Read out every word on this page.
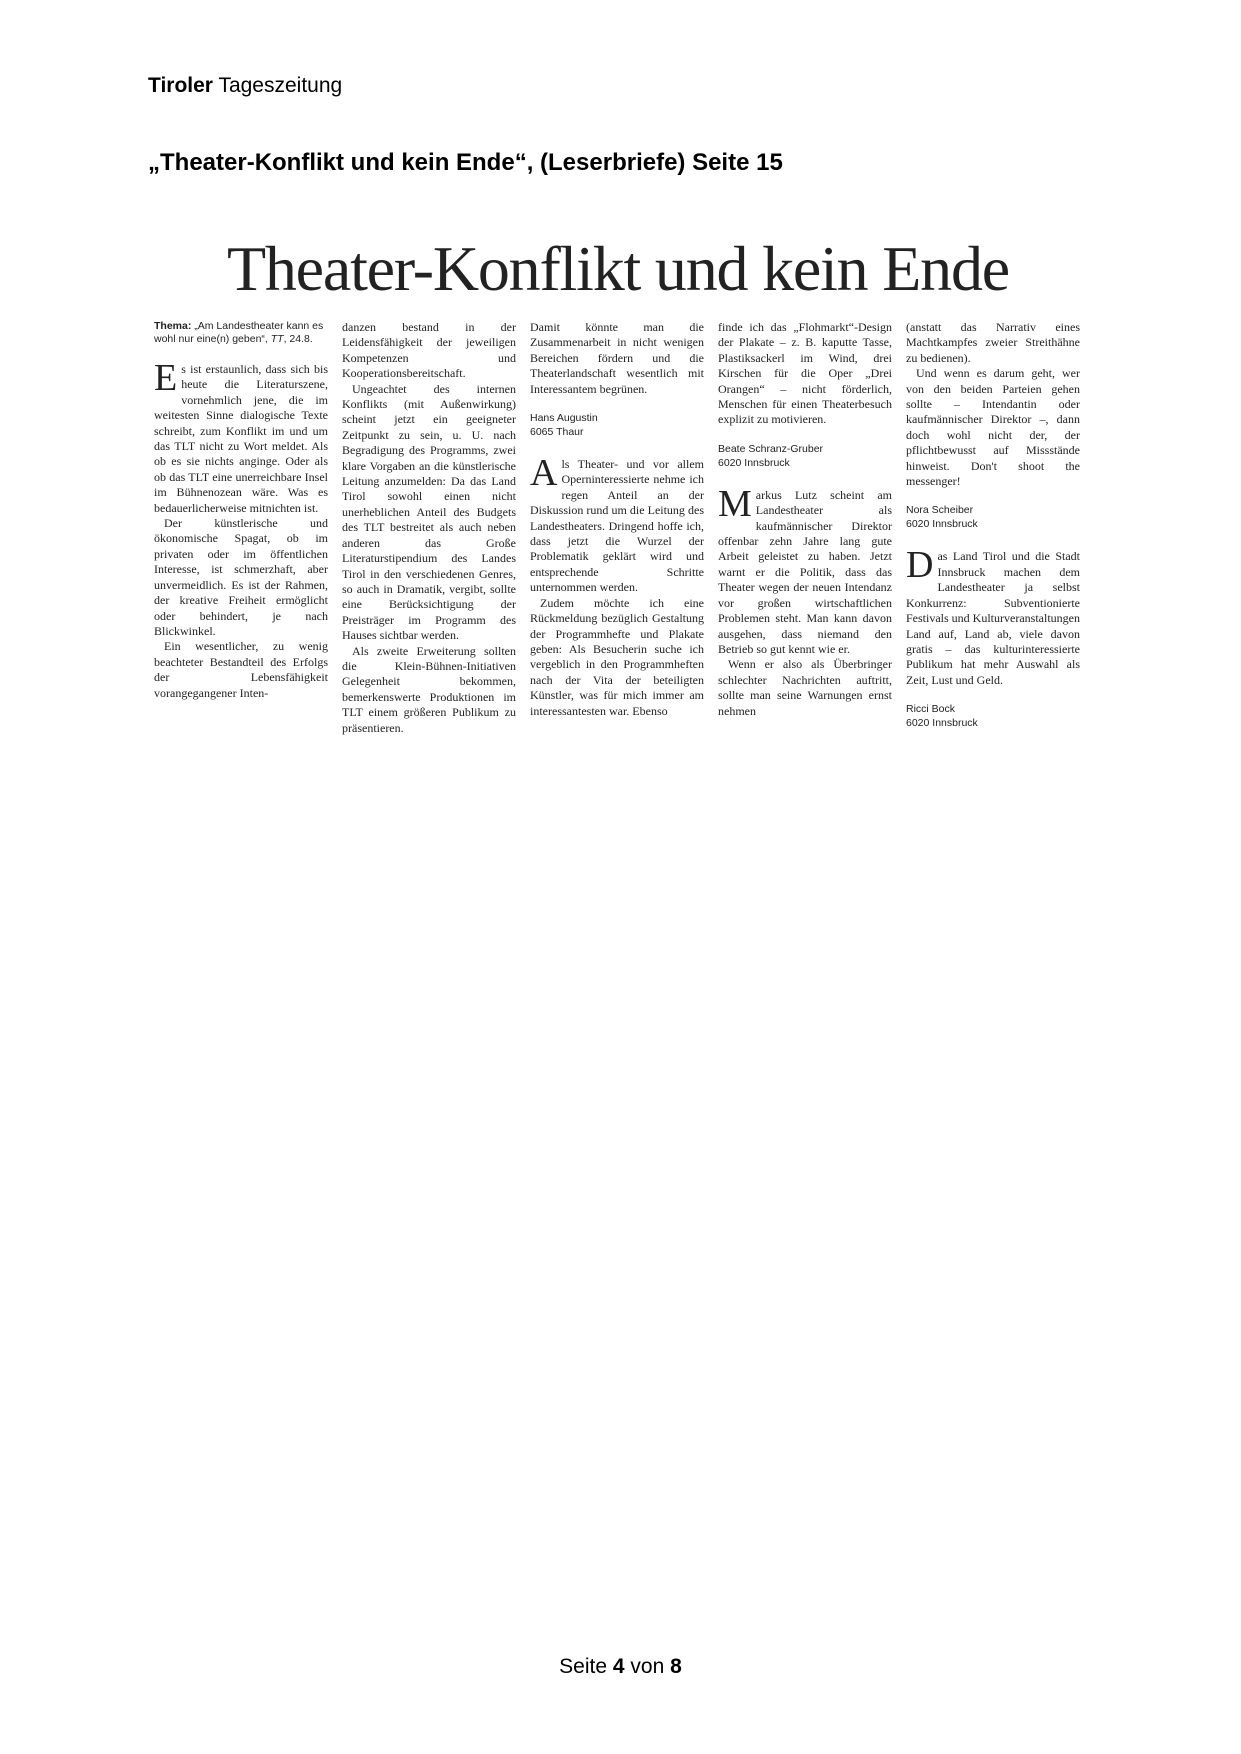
Tiroler Tageszeitung
„Theater-Konflikt und kein Ende“, (Leserbriefe) Seite 15
Theater-Konflikt und kein Ende

Thema: „Am Landestheater kann es wohl nur eine(n) geben“, TT, 24.8.

Es ist erstaunlich, dass sich bis heute die Literaturszene, vornehmlich jene, die im weitesten Sinne dialogische Texte schreibt, zum Konflikt im und um das TLT nicht zu Wort meldet. Als ob es sie nichts anginge. Oder als ob das TLT eine unerreichbare Insel im Bühnenozean wäre. Was es bedauerlicherweise mitnichten ist.

Der künstlerische und ökonomische Spagat, ob im privaten oder im öffentlichen Interesse, ist schmerzhaft, aber unvermeidlich. Es ist der Rahmen, der kreative Freiheit ermöglicht oder behindert, je nach Blickwinkel.

Ein wesentlicher, zu wenig beachteter Bestandteil des Erfolgs der Lebensfähigkeit vorangegangener Inten-

danzen bestand in der Leidensfähigkeit der jeweiligen Kompetenzen und Kooperationsbereitschaft.

Ungeachtet des internen Konflikts (mit Außenwirkung) scheint jetzt ein geeigneter Zeitpunkt zu sein, u. U. nach Begradigung des Programms, zwei klare Vorgaben an die künstlerische Leitung anzumelden: Da das Land Tirol sowohl einen nicht unerheblichen Anteil des Budgets des TLT bestreitet als auch neben anderen das Große Literaturstipendium des Landes Tirol in den verschiedenen Genres, so auch in Dramatik, vergibt, sollte eine Berücksichtigung der Preisträger im Programm des Hauses sichtbar werden.

Als zweite Erweiterung sollten die Klein-Bühnen-Initiativen Gelegenheit bekommen, bemerkenswerte Produktionen im TLT einem größeren Publikum zu präsentieren.

Damit könnte man die Zusammenarbeit in nicht wenigen Bereichen fördern und die Theaterlandschaft wesentlich mit Interessantem begrünen.

Hans Augustin
6065 Thaur

Als Theater- und vor allem Operninteressierte nehme ich regen Anteil an der Diskussion rund um die Leitung des Landestheaters. Dringend hoffe ich, dass jetzt die Wurzel der Problematik geklärt wird und entsprechende Schritte unternommen werden.

Zudem möchte ich eine Rückmeldung bezüglich Gestaltung der Programmhefte und Plakate geben: Als Besucherin suche ich vergeblich in den Programmheften nach der Vita der beteiligten Künstler, was für mich immer am interessantesten war. Ebenso

finde ich das „Flohmarkt“-Design der Plakate – z. B. kaputte Tasse, Plastiksackerl im Wind, drei Kirschen für die Oper „Drei Orangen“ – nicht förderlich, Menschen für einen Theaterbesuch explizit zu motivieren.

Beate Schranz-Gruber
6020 Innsbruck

Markus Lutz scheint am Landestheater als kaufmännischer Direktor offenbar zehn Jahre lang gute Arbeit geleistet zu haben. Jetzt warnt er die Politik, dass das Theater wegen der neuen Intendanz vor großen wirtschaftlichen Problemen steht. Man kann davon ausgehen, dass niemand den Betrieb so gut kennt wie er.

Wenn er also als Überbringer schlechter Nachrichten auftritt, sollte man seine Warnungen ernst nehmen

(anstatt das Narrativ eines Machtkampfes zweier Streithähne zu bedienen).

Und wenn es darum geht, wer von den beiden Parteien gehen sollte – Intendantin oder kaufmännischer Direktor –, dann doch wohl nicht der, der pflichtbewusst auf Missstände hinweist. Don't shoot the messenger!

Nora Scheiber
6020 Innsbruck

Das Land Tirol und die Stadt Innsbruck machen dem Landestheater ja selbst Konkurrenz: Subventionierte Festivals und Kulturveranstaltungen Land auf, Land ab, viele davon gratis – das kulturinteressierte Publikum hat mehr Auswahl als Zeit, Lust und Geld.

Ricci Bock
6020 Innsbruck

Seite 4 von 8
